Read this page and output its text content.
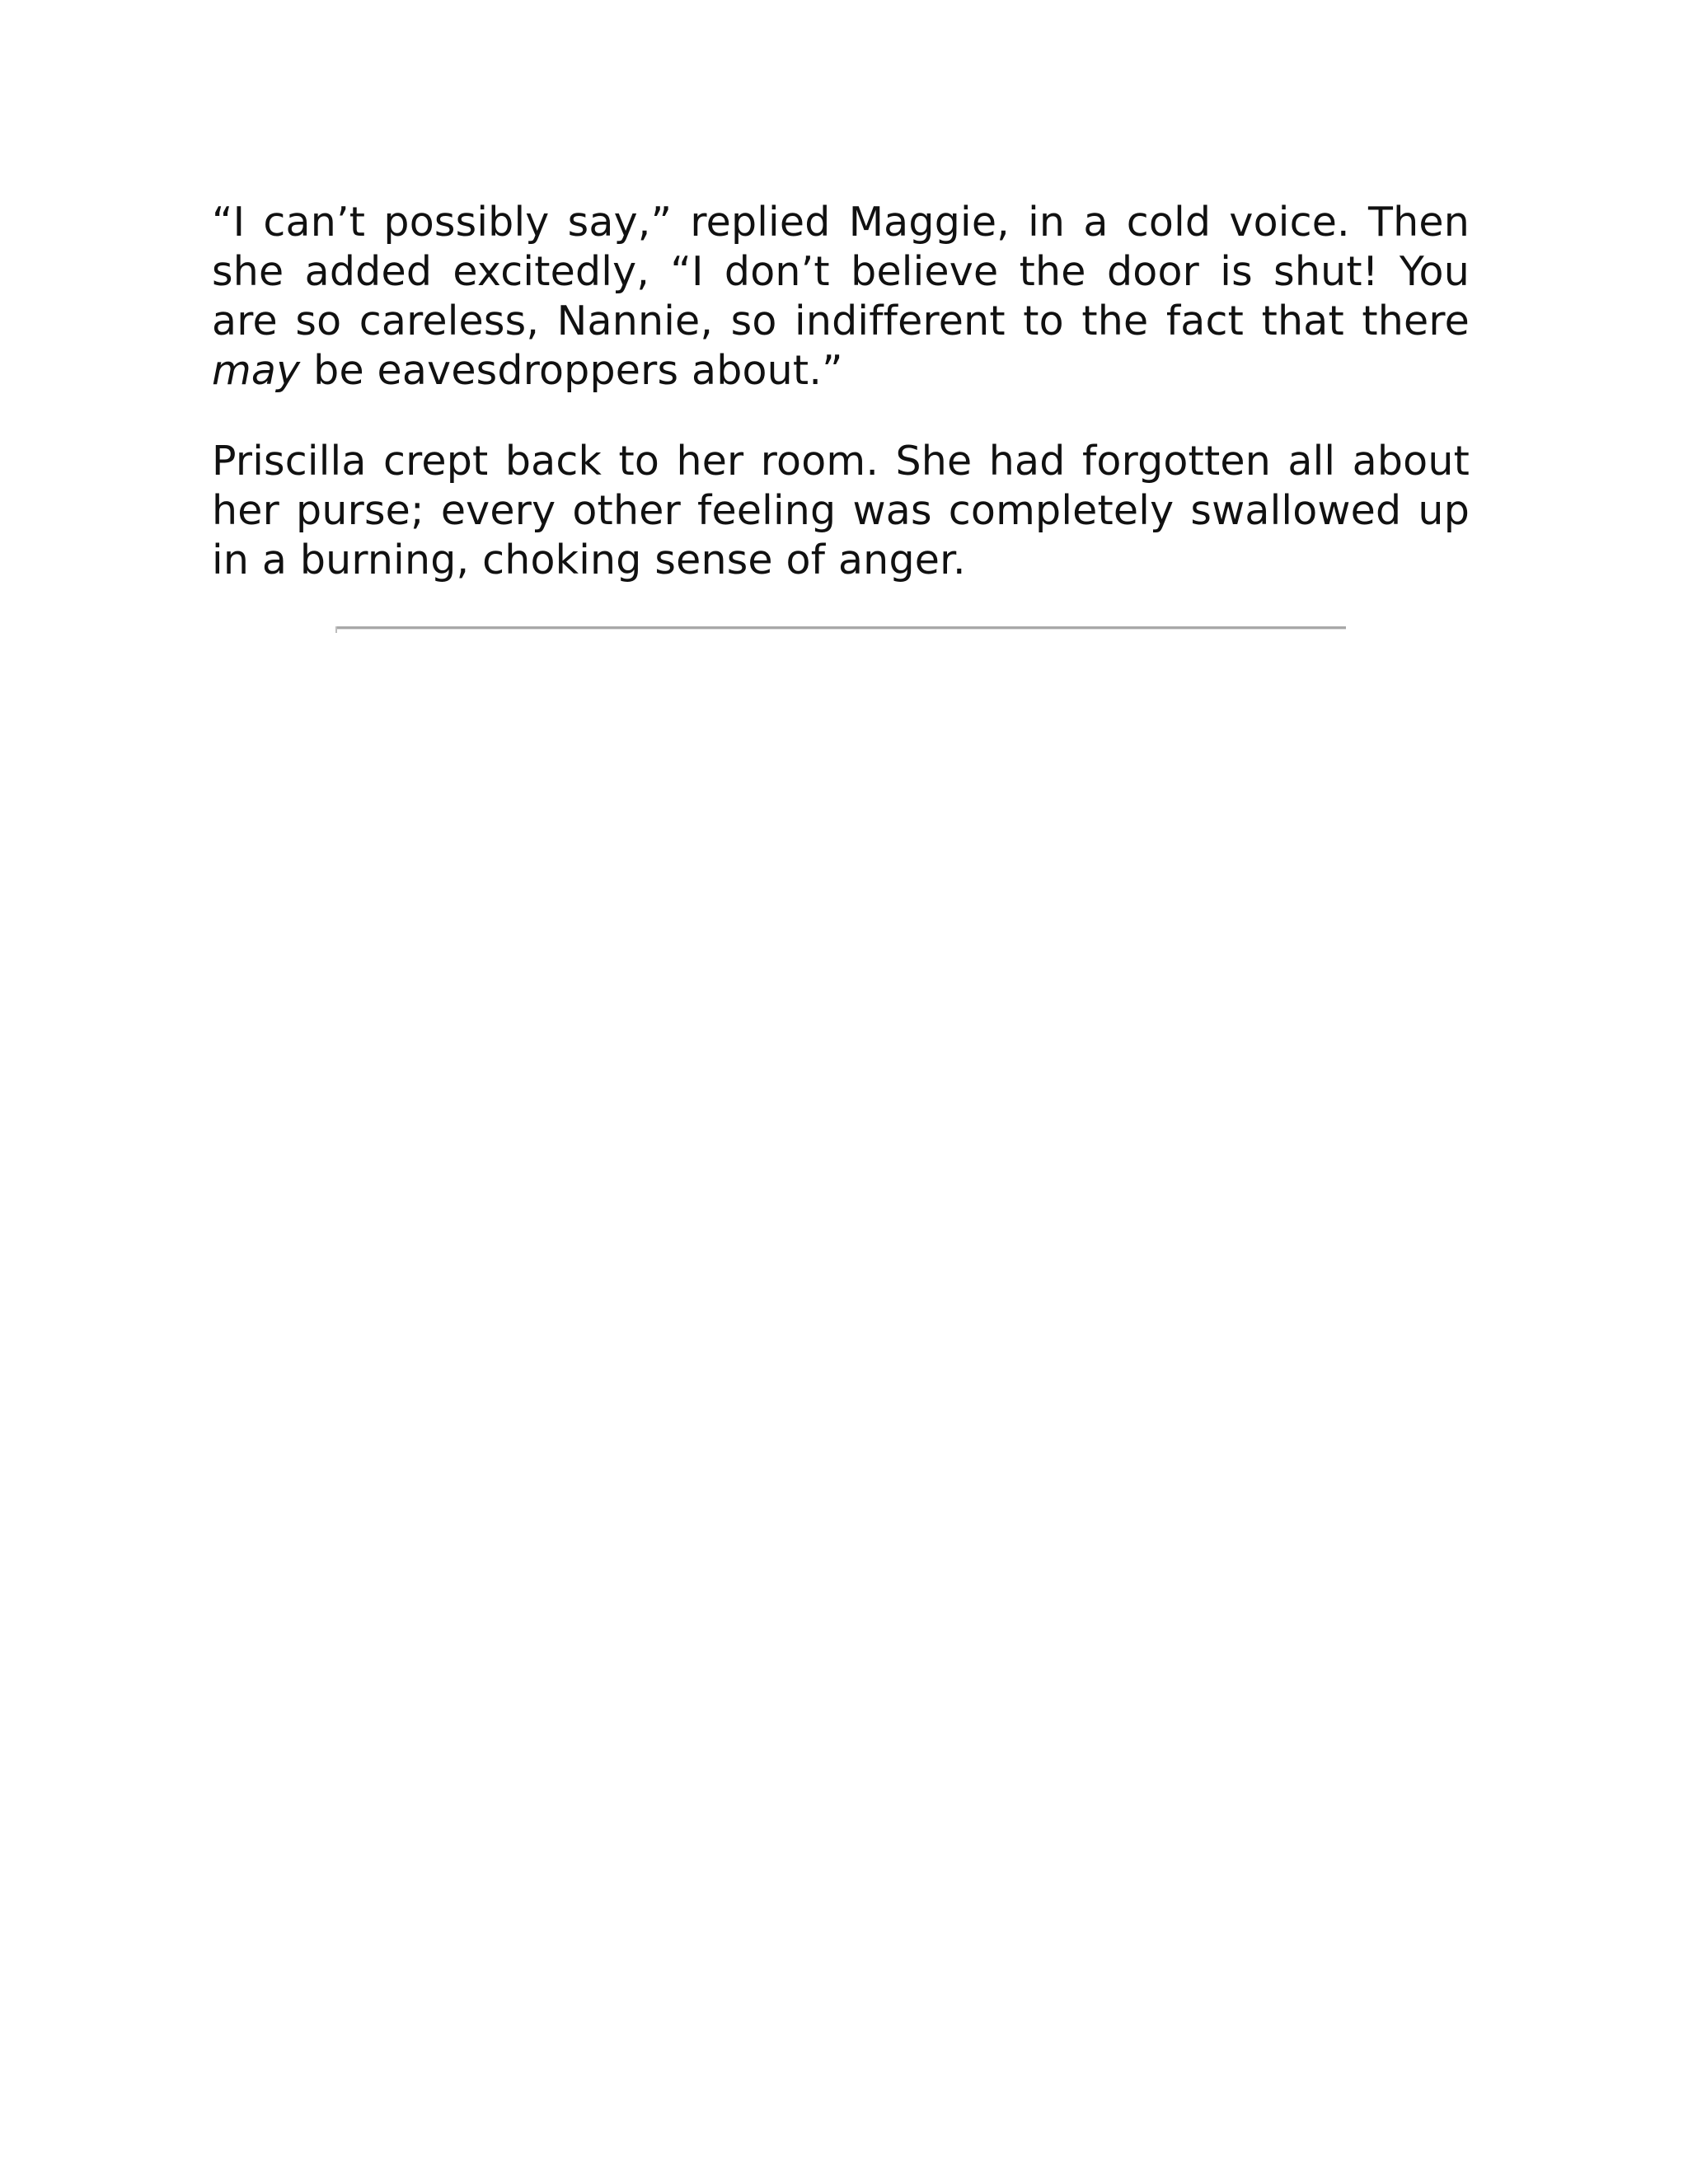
“I can’t possibly say,” replied Maggie, in a cold voice. Then she added excitedly, “I don’t believe the door is shut! You are so careless, Nannie, so indifferent to the fact that there may be eavesdroppers about.”

Priscilla crept back to her room. She had forgotten all about her purse; every other feeling was completely swallowed up in a burning, choking sense of anger.
